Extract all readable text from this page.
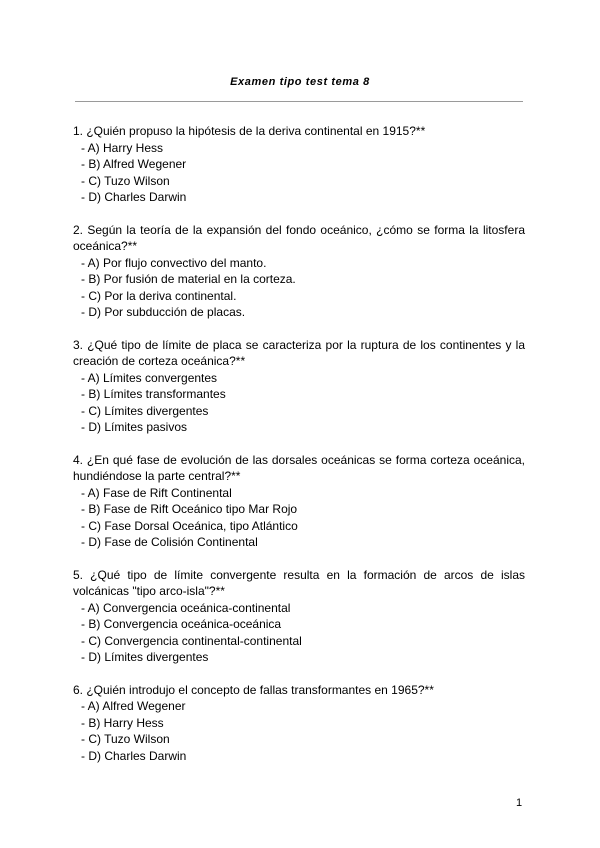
Examen tipo test tema 8
1. ¿Quién propuso la hipótesis de la deriva continental en 1915?**
- A) Harry Hess
- B) Alfred Wegener
- C) Tuzo Wilson
- D) Charles Darwin
2. Según la teoría de la expansión del fondo oceánico, ¿cómo se forma la litosfera oceánica?**
- A) Por flujo convectivo del manto.
- B) Por fusión de material en la corteza.
- C) Por la deriva continental.
- D) Por subducción de placas.
3. ¿Qué tipo de límite de placa se caracteriza por la ruptura de los continentes y la creación de corteza oceánica?**
- A) Límites convergentes
- B) Límites transformantes
- C) Límites divergentes
- D) Límites pasivos
4. ¿En qué fase de evolución de las dorsales oceánicas se forma corteza oceánica, hundiéndose la parte central?**
- A) Fase de Rift Continental
- B) Fase de Rift Oceánico tipo Mar Rojo
- C) Fase Dorsal Oceánica, tipo Atlántico
- D) Fase de Colisión Continental
5. ¿Qué tipo de límite convergente resulta en la formación de arcos de islas volcánicas "tipo arco-isla"?**
- A) Convergencia oceánica-continental
- B) Convergencia oceánica-oceánica
- C) Convergencia continental-continental
- D) Límites divergentes
6. ¿Quién introdujo el concepto de fallas transformantes en 1965?**
- A) Alfred Wegener
- B) Harry Hess
- C) Tuzo Wilson
- D) Charles Darwin
1
